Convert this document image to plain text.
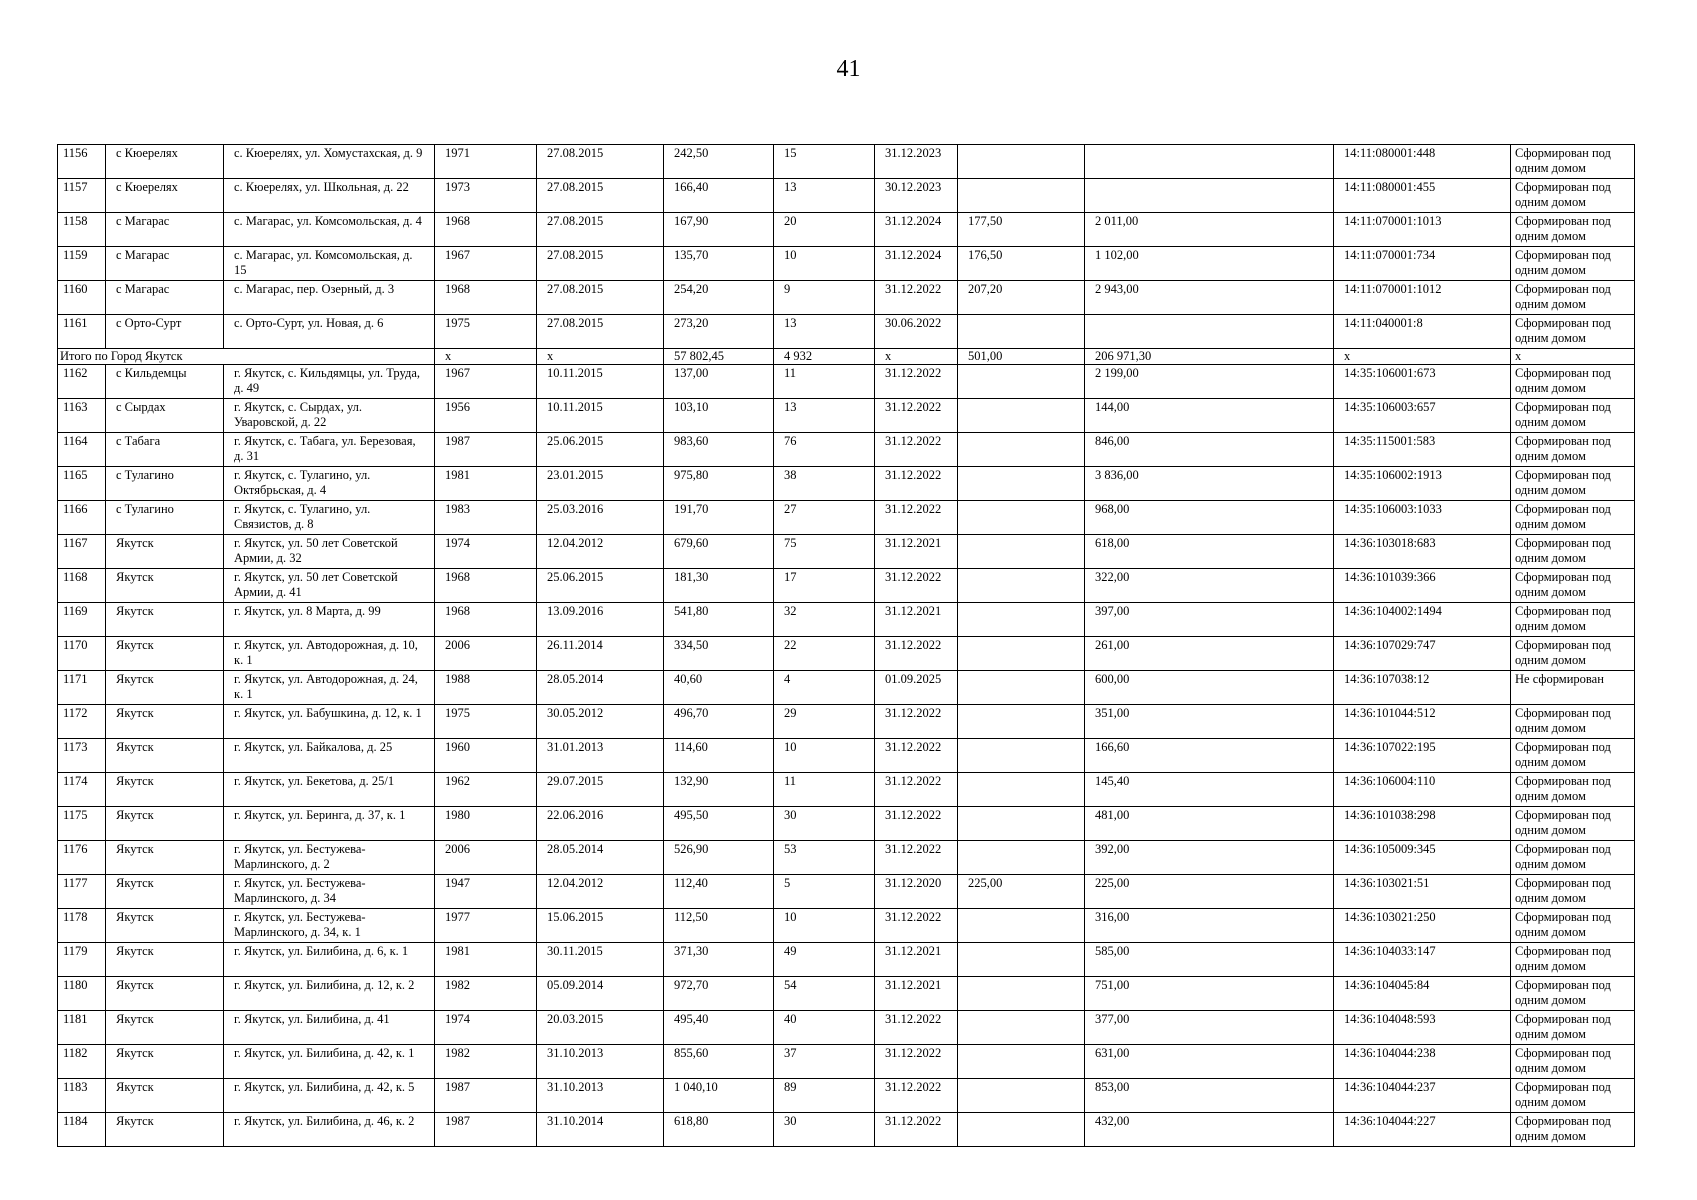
41
1156	с Кюерелях	с. Кюерелях, ул. Хомустахская, д. 9	1971	27.08.2015	242,50	15	31.12.2023			14:11:080001:448	Сформирован под одним домом
1157	с Кюерелях	с. Кюерелях, ул. Школьная, д. 22	1973	27.08.2015	166,40	13	30.12.2023			14:11:080001:455	Сформирован под одним домом
1158	с Магарас	с. Магарас, ул. Комсомольская, д. 4	1968	27.08.2015	167,90	20	31.12.2024	177,50	2 011,00	14:11:070001:1013	Сформирован под одним домом
1159	с Магарас	с. Магарас, ул. Комсомольская, д. 15	1967	27.08.2015	135,70	10	31.12.2024	176,50	1 102,00	14:11:070001:734	Сформирован под одним домом
1160	с Магарас	с. Магарас, пер. Озерный, д. 3	1968	27.08.2015	254,20	9	31.12.2022	207,20	2 943,00	14:11:070001:1012	Сформирован под одним домом
1161	с Орто-Сурт	с. Орто-Сурт, ул. Новая, д. 6	1975	27.08.2015	273,20	13	30.06.2022			14:11:040001:8	Сформирован под одним домом
Итого по Город Якутск			x	x	57 802,45	4 932	x	501,00	206 971,30	x	x
1162	с Кильдемцы	г. Якутск, с. Кильдямцы, ул. Труда, д. 49	1967	10.11.2015	137,00	11	31.12.2022		2 199,00	14:35:106001:673	Сформирован под одним домом
1163	с Сырдах	г. Якутск, с. Сырдах, ул. Уваровской, д. 22	1956	10.11.2015	103,10	13	31.12.2022		144,00	14:35:106003:657	Сформирован под одним домом
1164	с Табага	г. Якутск, с. Табага, ул. Березовая, д. 31	1987	25.06.2015	983,60	76	31.12.2022		846,00	14:35:115001:583	Сформирован под одним домом
1165	с Тулагино	г. Якутск, с. Тулагино, ул. Октябрьская, д. 4	1981	23.01.2015	975,80	38	31.12.2022		3 836,00	14:35:106002:1913	Сформирован под одним домом
1166	с Тулагино	г. Якутск, с. Тулагино, ул. Связистов, д. 8	1983	25.03.2016	191,70	27	31.12.2022		968,00	14:35:106003:1033	Сформирован под одним домом
1167	Якутск	г. Якутск, ул. 50 лет Советской Армии, д. 32	1974	12.04.2012	679,60	75	31.12.2021		618,00	14:36:103018:683	Сформирован под одним домом
1168	Якутск	г. Якутск, ул. 50 лет Советской Армии, д. 41	1968	25.06.2015	181,30	17	31.12.2022		322,00	14:36:101039:366	Сформирован под одним домом
1169	Якутск	г. Якутск, ул. 8 Марта, д. 99	1968	13.09.2016	541,80	32	31.12.2021		397,00	14:36:104002:1494	Сформирован под одним домом
1170	Якутск	г. Якутск, ул. Автодорожная, д. 10, к. 1	2006	26.11.2014	334,50	22	31.12.2022		261,00	14:36:107029:747	Сформирован под одним домом
1171	Якутск	г. Якутск, ул. Автодорожная, д. 24, к. 1	1988	28.05.2014	40,60	4	01.09.2025		600,00	14:36:107038:12	Не сформирован
1172	Якутск	г. Якутск, ул. Бабушкина, д. 12, к. 1	1975	30.05.2012	496,70	29	31.12.2022		351,00	14:36:101044:512	Сформирован под одним домом
1173	Якутск	г. Якутск, ул. Байкалова, д. 25	1960	31.01.2013	114,60	10	31.12.2022		166,60	14:36:107022:195	Сформирован под одним домом
1174	Якутск	г. Якутск, ул. Бекетова, д. 25/1	1962	29.07.2015	132,90	11	31.12.2022		145,40	14:36:106004:110	Сформирован под одним домом
1175	Якутск	г. Якутск, ул. Беринга, д. 37, к. 1	1980	22.06.2016	495,50	30	31.12.2022		481,00	14:36:101038:298	Сформирован под одним домом
1176	Якутск	г. Якутск, ул. Бестужева-Марлинского, д. 2	2006	28.05.2014	526,90	53	31.12.2022		392,00	14:36:105009:345	Сформирован под одним домом
1177	Якутск	г. Якутск, ул. Бестужева-Марлинского, д. 34	1947	12.04.2012	112,40	5	31.12.2020	225,00	225,00	14:36:103021:51	Сформирован под одним домом
1178	Якутск	г. Якутск, ул. Бестужева-Марлинского, д. 34, к. 1	1977	15.06.2015	112,50	10	31.12.2022		316,00	14:36:103021:250	Сформирован под одним домом
1179	Якутск	г. Якутск, ул. Билибина, д. 6, к. 1	1981	30.11.2015	371,30	49	31.12.2021		585,00	14:36:104033:147	Сформирован под одним домом
1180	Якутск	г. Якутск, ул. Билибина, д. 12, к. 2	1982	05.09.2014	972,70	54	31.12.2021		751,00	14:36:104045:84	Сформирован под одним домом
1181	Якутск	г. Якутск, ул. Билибина, д. 41	1974	20.03.2015	495,40	40	31.12.2022		377,00	14:36:104048:593	Сформирован под одним домом
1182	Якутск	г. Якутск, ул. Билибина, д. 42, к. 1	1982	31.10.2013	855,60	37	31.12.2022		631,00	14:36:104044:238	Сформирован под одним домом
1183	Якутск	г. Якутск, ул. Билибина, д. 42, к. 5	1987	31.10.2013	1 040,10	89	31.12.2022		853,00	14:36:104044:237	Сформирован под одним домом
1184	Якутск	г. Якутск, ул. Билибина, д. 46, к. 2	1987	31.10.2014	618,80	30	31.12.2022		432,00	14:36:104044:227	Сформирован под одним домом
